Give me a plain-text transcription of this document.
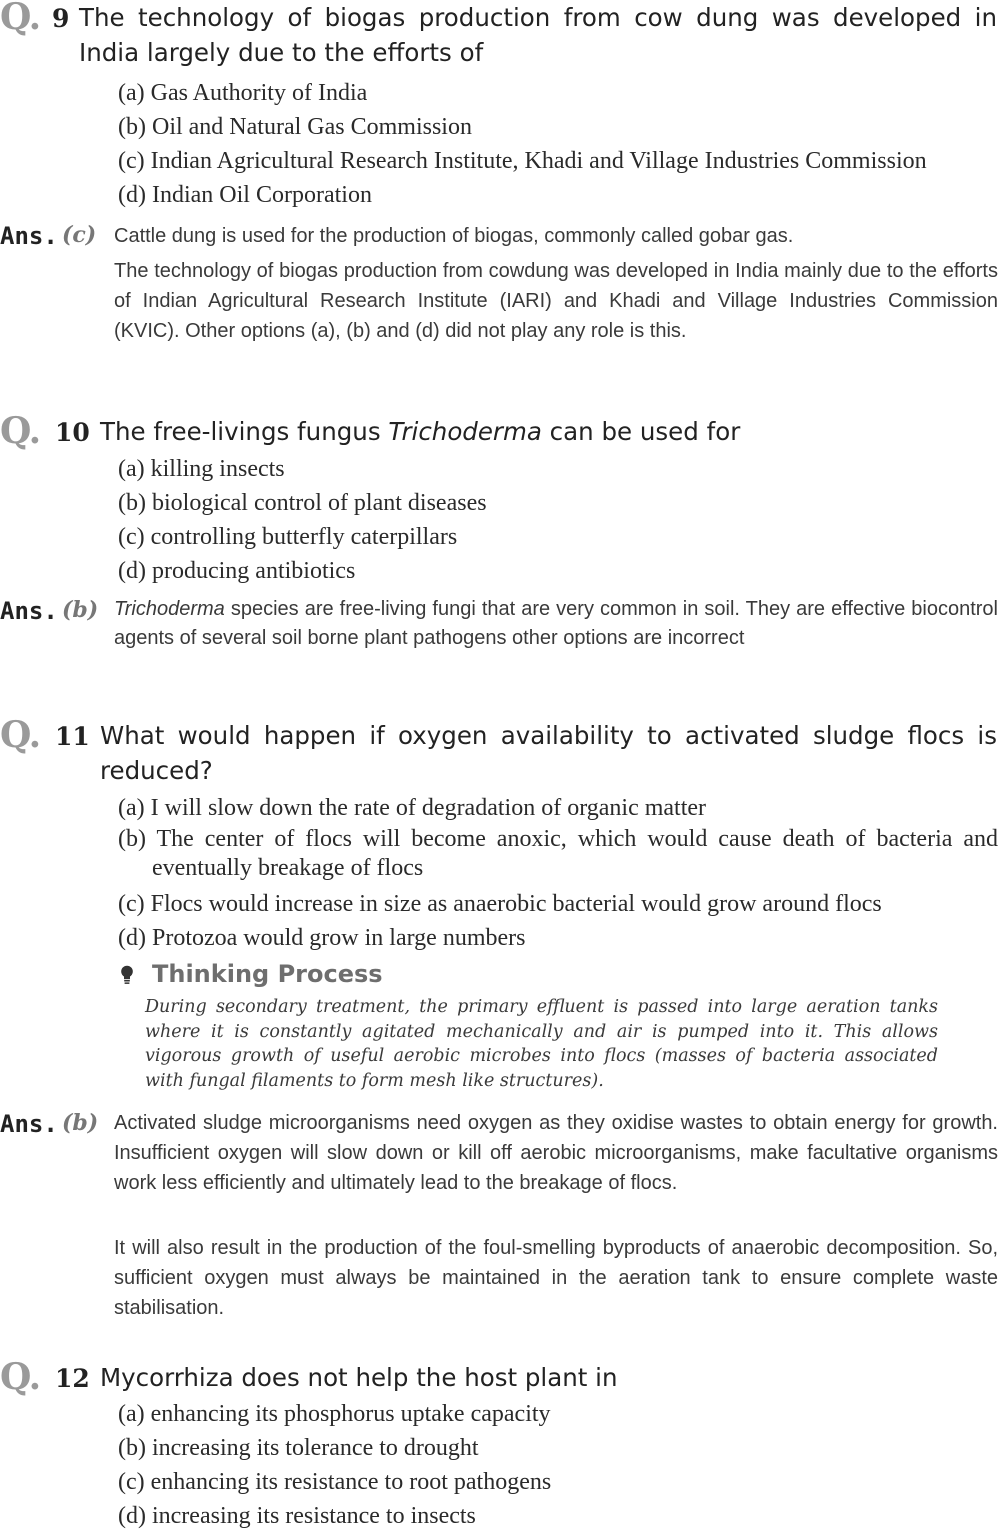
Q. 9 The technology of biogas production from cow dung was developed in India largely due to the efforts of

(a) Gas Authority of India
(b) Oil and Natural Gas Commission
(c) Indian Agricultural Research Institute, Khadi and Village Industries Commission
(d) Indian Oil Corporation
Ans. (c) Cattle dung is used for the production of biogas, commonly called gobar gas.

The technology of biogas production from cowdung was developed in India mainly due to the efforts of Indian Agricultural Research Institute (IARI) and Khadi and Village Industries Commission (KVIC). Other options (a), (b) and (d) did not play any role is this.

Q. 10 The free-livings fungus Trichoderma can be used for

(a) killing insects
(b) biological control of plant diseases
(c) controlling butterfly caterpillars
(d) producing antibiotics
Ans. (b) Trichoderma species are free-living fungi that are very common in soil. They are effective biocontrol agents of several soil borne plant pathogens other options are incorrect

Q. 11 What would happen if oxygen availability to activated sludge flocs is reduced?

(a) I will slow down the rate of degradation of organic matter
(b) The center of flocs will become anoxic, which would cause death of bacteria and eventually breakage of flocs
(c) Flocs would increase in size as anaerobic bacterial would grow around flocs
(d) Protozoa would grow in large numbers
Thinking Process

During secondary treatment, the primary effluent is passed into large aeration tanks where it is constantly agitated mechanically and air is pumped into it. This allows vigorous growth of useful aerobic microbes into flocs (masses of bacteria associated with fungal filaments to form mesh like structures).

Ans. (b) Activated sludge microorganisms need oxygen as they oxidise wastes to obtain energy for growth. Insufficient oxygen will slow down or kill off aerobic microorganisms, make facultative organisms work less efficiently and ultimately lead to the breakage of flocs.

It will also result in the production of the foul-smelling byproducts of anaerobic decomposition. So, sufficient oxygen must always be maintained in the aeration tank to ensure complete waste stabilisation.

Q. 12 Mycorrhiza does not help the host plant in

(a) enhancing its phosphorus uptake capacity
(b) increasing its tolerance to drought
(c) enhancing its resistance to root pathogens
(d) increasing its resistance to insects
